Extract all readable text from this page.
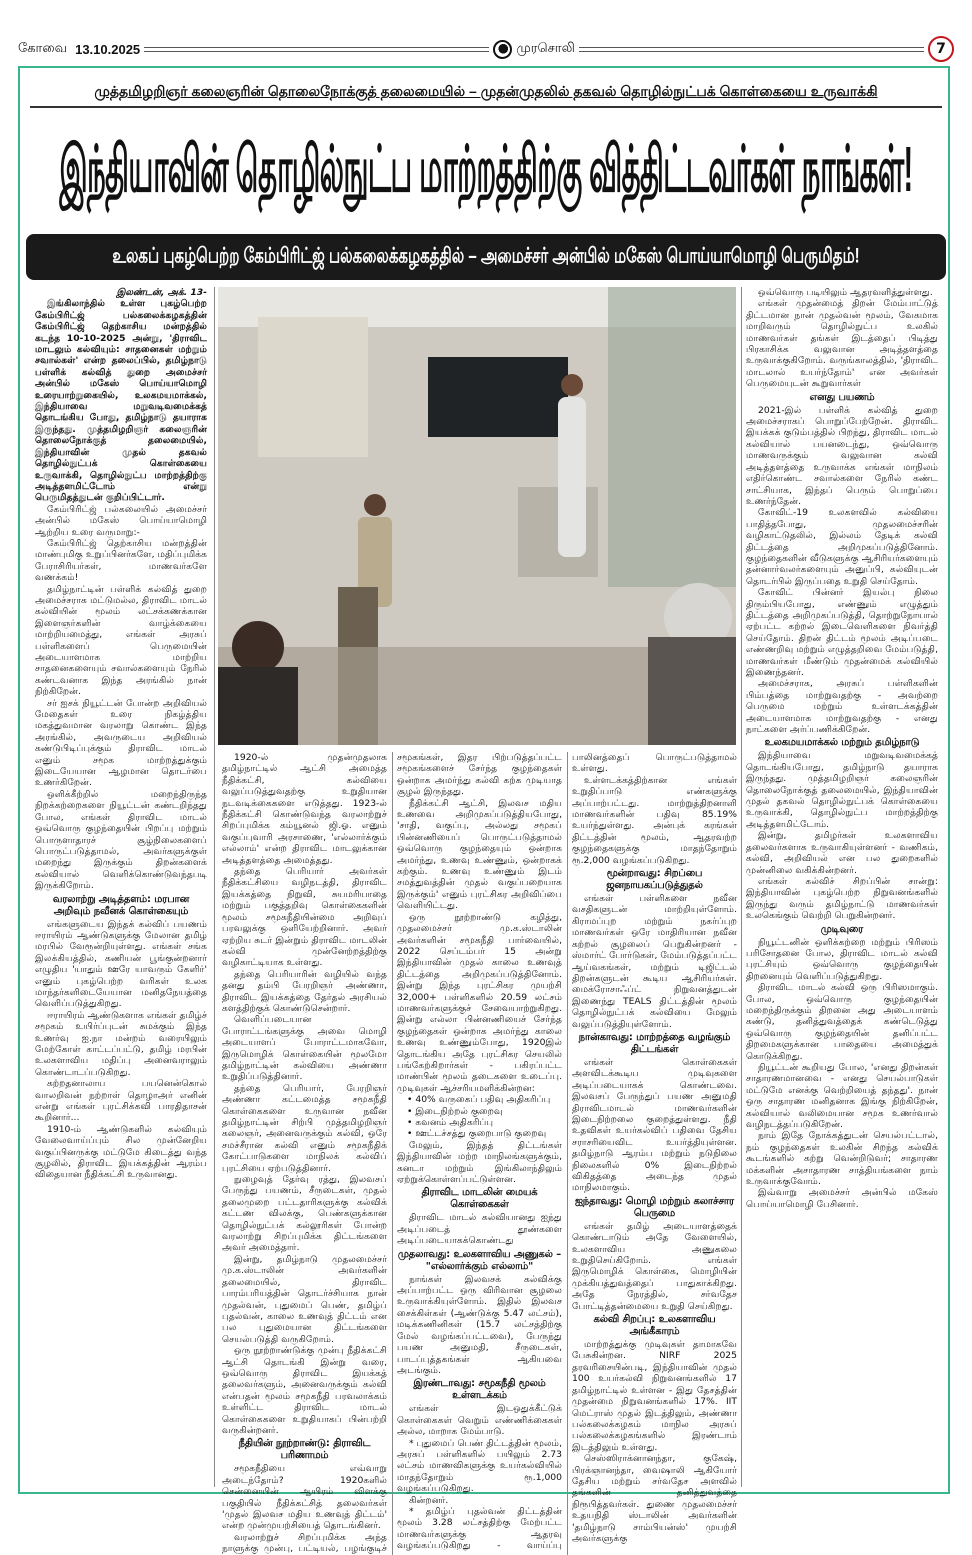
கோவை 13.10.2025	முரசொலி	7
முத்தமிழறிஞர் கலைஞரின் தொலைநோக்குத் தலைமையில் – முதன்முதலில் தகவல் தொழில்நுட்பக் கொள்கையை உருவாக்கி
இந்தியாவின் தொழில்நுட்ப மாற்றத்திற்கு வித்திட்டவர்கள் நாங்கள்!
உலகப் புகழ்பெற்ற கேம்பிரிட்ஜ் பல்கலைக்கழகத்தில் – அமைச்சர் அன்பில் மகேஸ் பொய்யாமொழி பெருமிதம்!

இலண்டன், அக். 13-

இங்கிலாந்தில் உள்ள புகழ்பெற்ற கேம்பிரிட்ஜ் பல்கலைக்கழகத்தின் கேம்பிரிட்ஜ் தெற்காசிய மன்றத்தில் கடந்த 10-10-2025 அன்று, 'திராவிட மாடலும் கல்வியும்: சாதனைகள் மற்றும் சவால்கள்' என்ற தலைப்பில், தமிழ்நாடு பள்ளிக் கல்வித் துறை அமைச்சர் அன்பில் மகேஸ் பொய்யாமொழி உரையாற்றுகையில், உலகமயமாக்கல், இந்தியாவை மறுவடிவமைக்கத் தொடங்கிய போது, தமிழ்நாடு தயாராக இருந்தது. முத்தமிழறிஞர் கலைஞரின் தொலைநோக்குத் தலைமையில், இந்தியாவின் முதல் தகவல் தொழில்நுட்பக் கொள்கையை உருவாக்கி, தொழில்நுட்ப மாற்றத்திற்கு அடித்தளமிட்டோம் என்று பெருமிதத்துடன் குறிப்பிட்டார்.

கேம்பிரிட்ஜ் பல்கலையில் அமைச்சர் அன்பில் மகேஸ் பொய்யாமொழி ஆற்றிய உரை வருமாறு:-

கேம்பிரிட்ஜ் தெற்காசிய மன்றத்தின் மாண்புமிகு உறுப்பினர்களே, மதிப்புமிக்க பேராசிரியர்கள், மாணவர்களே வணக்கம்!

தமிழ்நாட்டின் பள்ளிக் கல்வித் துறை அமைச்சராக மட்டுமல்ல, திராவிட மாடல் கல்வியின் மூலம் லட்சக்கணக்கான இளைஞர்களின் வாழ்க்கையை மாற்றியமைத்து, எங்கள் அரசுப் பள்ளிகளைப் பெருமையின் அடையாளமாக மாற்றிய சாதனைகளையும் சவால்களையும் நேரில் கண்டவனாக இந்த அரங்கில் நான் நிற்கிறேன்.

சர் ஐசக் நியூட்டன் போன்ற அறிவியல் மேதைகள் உரை நிகழ்த்திய மகத்துவமான வரலாறு கொண்ட இந்த அரங்கில், அவருடைய அறிவியல் கண்டுபிடிப்புக்கும் திராவிட மாடல் எனும் சமூக மாற்றத்துக்கும் இடையேயான ஆழமான தொடர்பை உணர்கிறேன்.

ஒளிக்கீற்றில் மறைந்திருந்த நிறக்கற்றைகளை நியூட்டன் கண்டறிந்தது போல, எங்கள் திராவிட மாடல் ஒவ்வொரு குழந்தையின் பிறப்பு மற்றும் பொருளாதாரச் சூழ்நிலைகளைப் பொருட்படுத்தாமல், அவர்களுக்குள் மறைந்து இருக்கும் திறன்களைக் கல்வியால் வெளிக்கொண்டுவந்தபடி இருக்கிறோம்.

வரலாற்று அடித்தளம்: மரபான அறிவும் நவீனக் கொள்கையும்

எங்களுடைய இந்தக் கல்விப் பயணம் ஈராயிரம் ஆண்டுகளுக்கு மேலான தமிழ் மரபில் வேரூன்றியுள்ளது. எங்கள் சங்க இலக்கியத்தில், கணியன் பூங்குன்றனார் எழுதிய 'யாதும் ஊரே யாவரும் கேளிர்' எனும் புகழ்பெற்ற வரிகள் உலக மாந்தர்களிடையேயான மனிதநேயத்தை வெளிப்படுத்துகிறது.

ஈராயிரம் ஆண்டுகளாக எங்கள் தமிழ்ச் சமூகம் உயிர்ப்புடன் சுமக்கும் இந்த உணர்வு ஐ.நா மன்றம் வரையிலும் மேற்கோள் காட்டப்பட்டு, தமிழ் மரபின் உலகளாவிய மதிப்பு அனைவராலும் கொண்டாடப்படுகிறது.

கற்றதனாலாய பயனென்கொல் வாலறிவன் நற்றாள் தொழாஅர் எனின் என்று எங்கள் புரட்சிக்கவி பாரதிதாசன் கூறினார்...

1910-ம் ஆண்டுகளில் கல்வியும் வேலைவாய்ப்பும் சில முன்னேறிய வகுப்பினருக்கு மட்டுமே கிடைத்து வந்த சூழலில், திராவிட இயக்கத்தின் ஆரம்ப விதையான நீதிக்கட்சி உருவானது.

1920-ல் முதன்முதலாக தமிழ்நாட்டில் ஆட்சி அமைத்த நீதிக்கட்சி, கல்வியை வலுப்படுத்துவதற்கு உறுதியான நடவடிக்கைகளை எடுத்தது. 1923-ல் நீதிக்கட்சி கொண்டுவந்த வரலாற்றுச் சிறப்புமிக்க கம்யூனல் ஜி.ஓ. எனும் வகுப்புவாரி அரசாணை, 'எல்லார்க்கும் எல்லாம்' என்ற திராவிட மாடலுக்கான அடித்தளத்தை அமைத்தது.

தந்தை பெரியார் அவர்கள் நீதிக்கட்சியை வழிநடத்தி, திராவிட இயக்கத்தை நிறுவி, சுயமரியாதை மற்றும் பகுத்தறிவு கொள்கைகளின் மூலம் சமூகநீதியின்மை அறிவுப் பரவலுக்கு ஒளியேற்றினார். அவர் ஏற்றிய சுடர் இன்றும் திராவிட மாடலின் கல்வி முன்னேற்றத்திற்கு வழிகாட்டியாக உள்ளது.

தந்தை பெரியாரின் வழியில் வந்த தனது தம்பி பேரறிஞர் அண்ணா, திராவிட இயக்கத்தை தேர்தல் அரசியல் களத்திற்குக் கொண்டுசென்றார்.

வெளிப்படையான போராட்டங்களுக்கு அவை மொழி அடையாளப் போராட்டமாகவோ, இருமொழிக் கொள்கையின் மூலமோ தமிழ்நாட்டின் கல்வியை அண்ணா உறுதிப்படுத்தினார்.

தந்தை பெரியார், பேரறிஞர் அண்ணா கட்டமைத்த சமூகநீதி கொள்கைகளை உருவான நவீன தமிழ்நாட்டின் சிற்பி முத்தமிழறிஞர் கலைஞர், அனைவருக்கும் கல்வி, ஒரே சமச்சீரான கல்வி எனும் சமூகநீதிக் கோட்பாடுகளை மாநிலக் கல்விப் புரட்சியை ஏற்படுத்தினார்.

நுழைவுத் தேர்வு ரத்து, இலவசப் பேருந்து பயணம், சீருடைகள், முதல் தலைமுறை பட்டதாரிகளுக்கு கல்விக் கட்டண விலக்கு, பெண்களுக்கான தொழில்நுட்பக் கல்லூரிகள் போன்ற வரலாற்று சிறப்புமிக்க திட்டங்களை அவர் அமைத்தார்.

இன்று, தமிழ்நாடு முதலமைச்சர் மு.க.ஸ்டாலின் அவர்களின் தலைமையில், திராவிட பாரம்பரியத்தின் தொடர்ச்சியாக நான் முதல்வன், புதுமைப் பெண், தமிழ்ப் புதல்வன், காலை உணவுத் திட்டம் என பல புதுமையான திட்டங்களை செயல்படுத்தி வருகிறோம்.

ஒரு நூற்றாண்டுக்கு முன்பு நீதிக்கட்சி ஆட்சி தொடங்கி இன்று வரை, ஒவ்வொரு திராவிட இயக்கத் தலைவர்களும், அனைவருக்கும் கல்வி என்பதன் மூலம் சமூகநீதி பரவலாக்கம் உள்ளிட்ட திராவிட மாடல் கொள்கைகளை உறுதியாகப் பின்பற்றி வருகின்றனர்.

நீதியின் நூற்றாண்டு: திராவிட பரிணாமம்

சமூகநீதியை எவ்வாறு அடைந்தோம்? 1920களில் சென்னையின் ஆயிரம் விளக்கு பகுதியில் நீதிக்கட்சித் தலைவர்கள் 'முதல் இலவச மதிய உணவுத் திட்டம்' என்ற முன்முயற்சியைத் தொடங்கினர்.

வரலாற்றுச் சிறப்புமிக்க அந்த நாளுக்கு முன்பு, பட்டியல், பழங்குடிச் சமூகங்கள், இதர பிற்படுத்தப்பட்ட சமூகங்களைச் சேர்ந்த குழந்தைகள் ஒன்றாக அமர்ந்து கல்வி கற்க முடியாத சூழல் இருந்தது.

நீதிக்கட்சி ஆட்சி, இலவச மதிய உணவை அறிமுகப்படுத்தியபோது, 'சாதி, வகுப்பு, அல்லது சமூகப் பின்னணியைப் பொருட்படுத்தாமல் ஒவ்வொரு குழந்தையும் ஒன்றாக அமர்ந்து, உணவு உண்ணும், ஒன்றாகக் கற்கும். உணவு உண்ணும் இடம் சமத்துவத்தின் முதல் வகுப்பறையாக இருக்கும்' எனும் புரட்சிகர அறிவிப்பை வெளியிட்டது.

ஒரு நூற்றாண்டு கழித்து, முதலமைச்சர் மு.க.ஸ்டாலின் அவர்களின் சமூகநீதி பார்வையில், 2022 செப்டம்பர் 15 அன்று இந்தியாவின் முதல் காலை உணவுத் திட்டத்தை அறிமுகப்படுத்தினோம். இன்று இந்த புரட்சிகர முயற்சி 32,000+ பள்ளிகளில் 20.59 லட்சம் மாணவர்களுக்குச் சேவையாற்றுகிறது. இன்று எல்லா பின்னணியைச் சேர்ந்த குழந்தைகள் ஒன்றாக அமர்ந்து காலை உணவு உண்ணும்போது, 1920இல் தொடங்கிய அதே புரட்சிகர செயலில் பங்கேற்கிறார்கள் - பகிரப்பட்ட மாண்பின் மூலம் தடைகளை உடைப்பு. முடிவுகள் ஆச்சரியமளிக்கின்றன:

• 40% வருகைப் பதிவு அதிகரிப்பு
• இடைநிற்றல் குறைவு
• கவனம் அதிகரிப்பு
• ஊட்டச்சத்து குறைபாடு குறைவு

மேலும், இந்தத் திட்டங்கள் இந்தியாவின் மற்ற மாநிலங்களுக்கும், கனடா மற்றும் இங்கிலாந்திலும் ஏற்றுக்கொள்ளப்பட்டுள்ளன.

திராவிட மாடலின் மையக் கொள்கைகள்

திராவிட மாடல் கல்வியானது ஐந்து அடிப்படைத் தூண்களை அடிப்படையாகக்கொண்டது

முதலாவது: உலகளாவிய அணுகல் – "எல்லார்க்கும் எல்லாம்"

நாங்கள் இலவசக் கல்விக்கு அப்பாற்பட்ட ஒரு விரிவான சூழலை உருவாக்கியுள்ளோம். இதில் இலவச சைக்கிள்கள் (ஆண்டுக்கு 5.47 லட்சம்), மடிக்கணினிகள் (15.7 லட்சத்திற்கு மேல் வழங்கப்பட்டவை), பேருந்து பயண அனுமதி, சீருடைகள், பாடப்புத்தகங்கள் ஆகியவை அடங்கும்.

இரண்டாவது: சமூகநீதி மூலம் உள்ளடக்கம்

எங்கள் இடஒதுக்கீட்டுக் கொள்கைகள் வெறும் எண்ணிக்கைகள் அல்ல, மாறாக மேம்பாடு.

* புதுமைப் பெண் திட்டத்தின் மூலம், அரசுப் பள்ளிகளில் பயிலும் 2.73 லட்சம் மாணவிகளுக்கு உயர்கல்வியில் மாதந்தோறும் ரூ.1,000 வழங்கப்படுகிறது.

கின்றனர்.

* தமிழ்ப் புதல்வன் திட்டத்தின் மூலம் 3.28 லட்சத்திற்கு மேற்பட்ட மாணவர்களுக்கு ஆதரவு வழங்கப்படுகிறது - வாய்ப்பு பாலினத்தைப் பொருட்படுத்தாமல் உள்ளது.

உள்ளடக்கத்திற்கான எங்கள் உறுதிப்பாடு எண்களுக்கு அப்பாற்பட்டது. மாற்றுத்திறனாளி மாணவர்களின் பதிவு 85.19% உயர்ந்துள்ளது. அன்புக் கரங்கள் திட்டத்தின் மூலம், ஆதரவற்ற குழந்தைகளுக்கு மாதந்தோறும் ரூ.2,000 வழங்கப்படுகிறது.

மூன்றாவது: சிறப்பை ஜனநாயகப்படுத்துதல்

எங்கள் பள்ளிகளை நவீன வசதிகளுடன் மாற்றியுள்ளோம். கிராமப்புற மற்றும் நகர்ப்புற மாணவர்கள் ஒரே மாதிரியான நவீன கற்றல் சூழலைப் பெறுகின்றனர் - ஸ்மார்ட் போர்டுகள், மேம்படுத்தப்பட்ட ஆய்வகங்கள், மற்றும் டிஜிட்டல் திறன்களுடன் கூடிய ஆசிரியர்கள். மைக்ரோசாஃப்ட் நிறுவனத்துடன் இணைந்து TEALS திட்டத்தின் மூலம் தொழில்நுட்பக் கல்வியை மேலும் வலுப்படுத்தியுள்ளோம்.

நான்காவது: மாற்றத்தை வழங்கும் திட்டங்கள்

எங்கள் கொள்கைகள் அளவிடக்கூடிய முடிவுகளை அடிப்படையாகக் கொண்டவை. இலவசப் பேருந்துப் பயண அனுமதி திராவிடமாடல் மாணவர்களின் இடைநிற்றலை குறைத்துள்ளது. நீதி உதவிகள் உயர்கல்விப் பதிவை தேசிய சராசரியைவிட உயர்த்தியுள்ளன. தமிழ்நாடு ஆரம்ப மற்றும் நடுநிலை நிலைகளில் 0% இடைநிற்றல் விகிதத்தை அடைந்த முதல் மாநிலமாகும்.

ஐந்தாவது: மொழி மற்றும் கலாச்சார பெருமை

எங்கள் தமிழ் அடையாளத்தைக் கொண்டாடும் அதே வேளையில், உலகளாவிய அணுகலை உறுதிசெய்கிறோம். எங்கள் இருமொழிக் கொள்கை, மொழியின் முக்கியத்துவத்தைப் பாதுகாக்கிறது. அதே நேரத்தில், சர்வதேச போட்டித்தன்மையை உறுதி செய்கிறது.

கல்வி சிறப்பு: உலகளாவிய அங்கீகாரம்

மாற்றத்துக்கு முடிவுகள் தாமாகவே பேசுகின்றன. NIRF 2025 தரவரிசையின்படி, இந்தியாவின் முதல் 100 உயர்கல்வி நிறுவனங்களில் 17 தமிழ்நாட்டில் உள்ளன - இது தேசத்தின் முதன்மை நிறுவனங்களில் 17%. IIT மெட்ராஸ் முதல் இடத்திலும், அண்ணா பல்கலைக்கழகம் மாநில அரசுப் பல்கலைக்கழகங்களில் இரண்டாம் இடத்திலும் உள்ளது.

செஸ்ஸிராக்னானந்தா, குகேஷ், பிரக்ஞானந்தா, வைஷாலி ஆகியோர் தேசிய மற்றும் சர்வதேச அளவில் தங்களின் தனித்துவத்தை நிரூபித்தவர்கள். துணை முதலமைச்சர் உதயநிதி ஸ்டாலின் அவர்களின் 'தமிழ்நாடு சாம்பியன்ஸ்' முயற்சி அவர்களுக்கு

ஒவ்வொரு படியிலும் ஆதரவளித்துள்ளது.

எங்கள் முதன்மைத் திறன் மேம்பாட்டுத் திட்டமான நான் முதல்வன் மூலம், வேகமாக மாறிவரும் தொழில்நுட்ப உலகில் மாணவர்கள் தங்கள் இடத்தைப் பிடித்து பிரகாசிக்க வலுவான அடித்தளத்தை உருவாக்குகிறோம். வருங்காலத்தில், 'திராவிட மாடலால் உயர்ந்தோம்' என அவர்கள் பெருமையுடன் கூறுவார்கள்

எனது பயணம்

2021-இல் பள்ளிக் கல்வித் துறை அமைச்சராகப் பொறுப்பேற்றேன். திராவிட இயக்கக் குடும்பத்தில் பிறந்து, திராவிட மாடல் கல்வியால் பயனடைந்து, ஒவ்வொரு மாணவருக்கும் வலுவான கல்வி அடித்தளத்தை உருவாக்க எங்கள் மாநிலம் எதிர்கொண்ட சவால்களை நேரில் கண்ட சாட்சியாக, இந்தப் பெரும் பொறுப்பை உணர்ந்தேன்.

கோவிட்-19 உலகளவில் கல்வியை பாதித்தபோது, முதலமைச்சரின் வழிகாட்டுதலில், இல்லம் தேடிக் கல்வி திட்டத்தை அறிமுகப்படுத்தினோம். குழந்தைகளின் வீடுகளுக்கு ஆசிரியர்களையும் தன்னார்வலர்களையும் அனுப்பி, கல்வியுடன் தொடர்பில் இருப்பதை உறுதி செய்தோம்.

கோவிட் பின்னர் இயல்பு நிலை திரும்பியபோது, எண்ணும் எழுத்தும் திட்டத்தை அறிமுகப்படுத்தி, தொற்றுநோயால் ஏற்பட்ட கற்றல் இடைவெளிகளை நிவர்த்தி செய்தோம். திறன் திட்டம் மூலம் அடிப்படை எண்ணறிவு மற்றும் எழுத்தறிவை மேம்படுத்தி, மாணவர்கள் மீண்டும் முதன்மைக் கல்வியில் இணைந்தனர்.

அமைச்சராக, அரசுப் பள்ளிகளின் பிம்பத்தை மாற்றுவதற்கு - அவற்றை பெருமை மற்றும் உள்ளடக்கத்தின் அடையாளமாக மாற்றுவதற்கு - எனது நாட்களை அர்ப்பணிக்கிறேன்.

உலகமயமாக்கல் மற்றும் தமிழ்நாடு

இந்தியாவை மறுவடிவமைக்கத் தொடங்கியபோது, தமிழ்நாடு தயாராக இருந்தது. முத்தமிழறிஞர் கலைஞரின் தொலைநோக்குத் தலைமையில், இந்தியாவின் முதல் தகவல் தொழில்நுட்பக் கொள்கையை உருவாக்கி, தொழில்நுட்ப மாற்றத்திற்கு அடித்தளமிட்டோம்.

இன்று, தமிழர்கள் உலகளாவிய தலைவர்களாக உருவாகியுள்ளனர் - வணிகம், கல்வி, அறிவியல் என பல துறைகளில் முன்னிலை வகிக்கின்றனர்.

எங்கள் கல்விச் சிறப்பின் சான்று: இந்தியாவின் புகழ்பெற்ற நிறுவனங்களில் இருந்து வரும் தமிழ்நாட்டு மாணவர்கள் உலகெங்கும் வெற்றி பெறுகின்றனர்.

முடிவுரை

நியூட்டனின் ஒளிக்கற்றை மற்றும் பிரிஸம் பரிசோதனை போல, திராவிட மாடல் கல்வி புரட்சியும் ஒவ்வொரு குழந்தையின் திறனையும் வெளிப்படுத்துகிறது.

திராவிட மாடல் கல்வி ஒரு பிரிஸமாகும். போல, ஒவ்வொரு குழந்தையின் மறைந்திருக்கும் திறனை அது அடையாளம் கண்டு, தனித்துவத்தைக் கண்டெடுத்து ஒவ்வொரு குழந்தையின் தனிப்பட்ட திறமைகளுக்கான பாதையை அமைத்துக் கொடுக்கிறது.

நியூட்டன் கூறியது போல, 'எனது திறன்கள் சாதாரணமானவை - எனது செயல்பாடுகள் மட்டுமே எனக்கு வெற்றியைத் தந்தது'. நான் ஒரு சாதாரண மனிதனாக இங்கு நிற்கிறேன், கல்வியால் வலிமையான சமூக உணர்வால் வழிநடத்தப்படுகிறேன்.

நாம் இதே நோக்கத்துடன் செயல்பட்டால், நம் குழந்தைகள் உலகின் சிறந்த கல்விக் கூடங்களில் கற்று வென்றிடுவர்; சாதாரண மக்களின் அசாதாரண சாத்தியங்களை நாம் உருவாக்குவோம்.

இவ்வாறு அமைச்சர் அன்பில் மகேஸ் பொய்யாமொழி பேசினார்.
